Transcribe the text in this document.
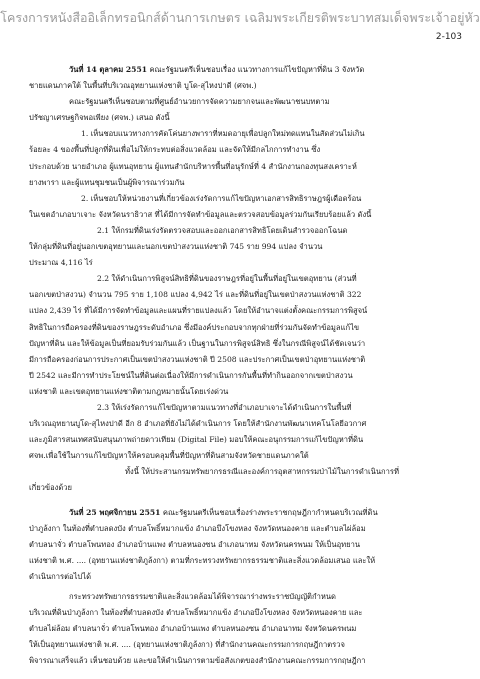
โครงการหนังสืออิเล็กทรอนิกส์ด้านการเกษตร เฉลิมพระเกียรติพระบาทสมเด็จพระเจ้าอยู่หัว
2-103

วันที่ 14 ตุลาคม 2551 คณะรัฐมนตรีเห็นชอบเรื่อง แนวทางการแก้ไขปัญหาที่ดิน 3 จังหวัด

ชายแดนภาคใต้ ในพื้นที่บริเวณอุทยานแห่งชาติ บูโด-สุไหงปาดี (ศจพ.)

คณะรัฐมนตรีเห็นชอบตามที่ศูนย์อำนวยการจัดความยากจนและพัฒนาชนบทตาม

ปรัชญาเศรษฐกิจพอเพียง (ศจพ.) เสนอ ดังนี้

1. เห็นชอบแนวทางการคัดโค่นยางพาราที่หมดอายุเพื่อปลูกใหม่ทดแทนในสัดส่วนไม่เกิน

ร้อยละ 4 ของพื้นที่ปลูกที่ดินเพื่อไม่ให้กระทบต่อสิ่งแวดล้อม และจัดให้มีกลไกการทำงาน ซึ่ง

ประกอบด้วย นายอำเภอ ผู้แทนอุทยาน ผู้แทนสำนักบริหารพื้นที่อนุรักษ์ที่ 4 สำนักงานกองทุนสงเคราะห์

ยางพารา และผู้แทนชุมชนเป็นผู้พิจารณาร่วมกัน

2. เห็นชอบให้หน่วยงานที่เกี่ยวข้องเร่งรัดการแก้ไขปัญหาเอกสารสิทธิราษฎรผู้เดือดร้อน

ในเขตอำเภอบาเจาะ จังหวัดนราธิวาส ที่ได้มีการจัดทำข้อมูลและตรวจสอบข้อมูลร่วมกันเรียบร้อยแล้ว ดังนี้

2.1 ให้กรมที่ดินเร่งรัดตรวจสอบและออกเอกสารสิทธิโดยเดินสำรวจออกโฉนด

ให้กลุ่มที่ดินที่อยู่นอกเขตอุทยานและนอกเขตป่าสงวนแห่งชาติ 745 ราย 994 แปลง จำนวน

ประมาณ 4,116 ไร่

2.2 ให้ดำเนินการพิสูจน์สิทธิที่ดินของราษฎรที่อยู่ในพื้นที่อยู่ในเขตอุทยาน (ส่วนที่

นอกเขตป่าสงวน) จำนวน 795 ราย 1,108 แปลง 4,942 ไร่ และที่ดินที่อยู่ในเขตป่าสงวนแห่งชาติ 322

แปลง 2,439 ไร่ ที่ได้มีการจัดทำข้อมูลและแผนที่รายแปลงแล้ว โดยให้อำนาจแต่งตั้งคณะกรรมการพิสูจน์

สิทธิในการถือครองที่ดินของราษฎรระดับอำเภอ ซึ่งมีองค์ประกอบจากทุกฝ่ายที่ร่วมกันจัดทำข้อมูลแก้ไข

ปัญหาที่ดิน และให้ข้อมูลเป็นที่ยอมรับร่วมกันแล้ว เป็นฐานในการพิสูจน์สิทธิ ซึ่งในกรณีพิสูจน์ได้ชัดเจนว่า

มีการถือครองก่อนการประกาศเป็นเขตป่าสงวนแห่งชาติ ปี 2508 และประกาศเป็นเขตป่าอุทยานแห่งชาติ

ปี 2542 และมีการทำประโยชน์ในที่ดินต่อเนื่องให้มีการดำเนินการกันพื้นที่ทำกินออกจากเขตป่าสงวน

แห่งชาติ และเขตอุทยานแห่งชาติตามกฎหมายนั้นโดยเร่งด่วน

2.3 ให้เร่งรัดการแก้ไขปัญหาตามแนวทางที่อำเภอบาเจาะได้ดำเนินการในพื้นที่

บริเวณอุทยานบูโด-สุไหงปาดี อีก 8 อำเภอที่ยังไม่ได้ดำเนินการ โดยให้สำนักงานพัฒนาเทคโนโลยีอวกาศ

และภูมิสารสนเทศสนับสนุนภาพถ่ายดาวเทียม (Digital File) มอบให้คณะอนุกรรมการแก้ไขปัญหาที่ดิน

ศจพ.เพื่อใช้ในการแก้ไขปัญหาให้ครอบคลุมพื้นที่ปัญหาที่ดินสามจังหวัดชายแดนภาคใต้

ทั้งนี้ ให้ประสานกรมทรัพยากรธรณีและองค์การอุตสาหกรรมป่าไม้ในการดำเนินการที่

เกี่ยวข้องด้วย

วันที่ 25 พฤศจิกายน 2551 คณะรัฐมนตรีเห็นชอบเรื่องร่างพระราชกฤษฎีกากำหนดบริเวณที่ดิน

ป่าภูล้งกา ในท้องที่ตำบลดงบัง ตำบลโพธิ์หมากแข้ง อำเภอบึงโขงหลง จังหวัดหนองคาย และตำบลไผ่ล้อม

ตำบลนาจั่ว ตำบลโพนทอง อำเภอบ้านแพง ตำบลหนองซน อำเภอนาทม จังหวัดนครพนม ให้เป็นอุทยาน

แห่งชาติ พ.ศ. .... (อุทยานแห่งชาติภูล้งกา) ตามที่กระทรวงทรัพยากรธรรมชาติและสิ่งแวดล้อมเสนอ และให้

ดำเนินการต่อไปได้

กระทรวงทรัพยากรธรรมชาติและสิ่งแวดล้อมได้พิจารณาร่างพระราชบัญญัติกำหนด

บริเวณที่ดินป่าภูล้งกา ในท้องที่ตำบลดงบัง ตำบลโพธิ์หมากแข้ง อำเภอบึงโขงหลง จังหวัดหนองคาย และ

ตำบลไผ่ล้อม ตำบลนาจั่ว ตำบลโพนทอง อำเภอบ้านแพง ตำบลหนองซน อำเภอนาทม จังหวัดนครพนม

ให้เป็นอุทยานแห่งชาติ พ.ศ. .... (อุทยานแห่งชาติภูล้งกา) ที่สำนักงานคณะกรรมการกฤษฎีกาตรวจ

พิจารณาเสร็จแล้ว เห็นชอบด้วย และขอให้ดำเนินการตามข้อสังเกตของสำนักงานคณะกรรมการกฤษฎีกา
